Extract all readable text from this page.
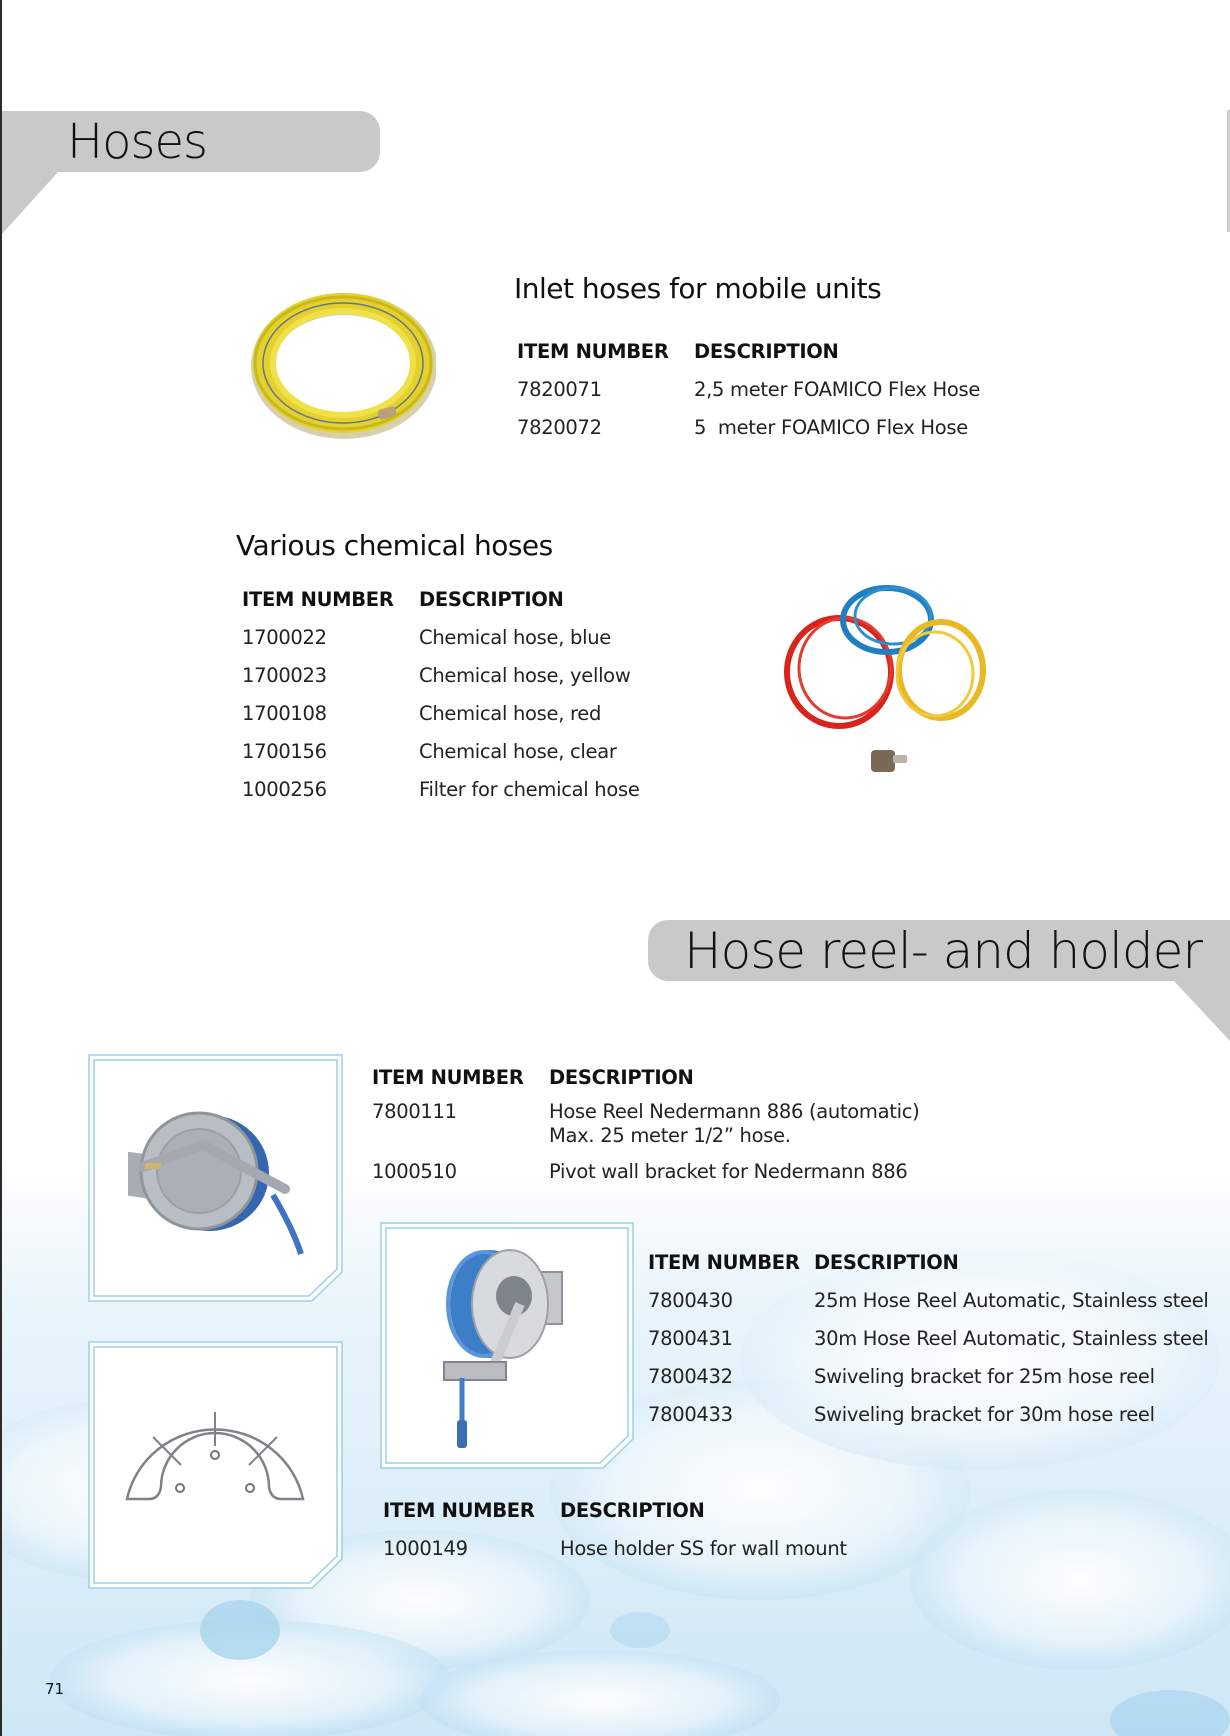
Hoses
Inlet hoses for mobile units
ITEM NUMBER	DESCRIPTION
7820071	2,5 meter FOAMICO Flex Hose
7820072	5  meter FOAMICO Flex Hose
Various chemical hoses
ITEM NUMBER	DESCRIPTION
1700022	Chemical hose, blue
1700023	Chemical hose, yellow
1700108	Chemical hose, red
1700156	Chemical hose, clear
1000256	Filter for chemical hose
Hose reel- and holder
ITEM NUMBER	DESCRIPTION
7800111	Hose Reel Nedermann 886 (automatic)
Max. 25 meter 1/2” hose.

1000510	Pivot wall bracket for Nedermann 886
ITEM NUMBER	DESCRIPTION
7800430	25m Hose Reel Automatic, Stainless steel
7800431	30m Hose Reel Automatic, Stainless steel
7800432	Swiveling bracket for 25m hose reel
7800433	Swiveling bracket for 30m hose reel
ITEM NUMBER	DESCRIPTION
1000149	Hose holder SS for wall mount
71
